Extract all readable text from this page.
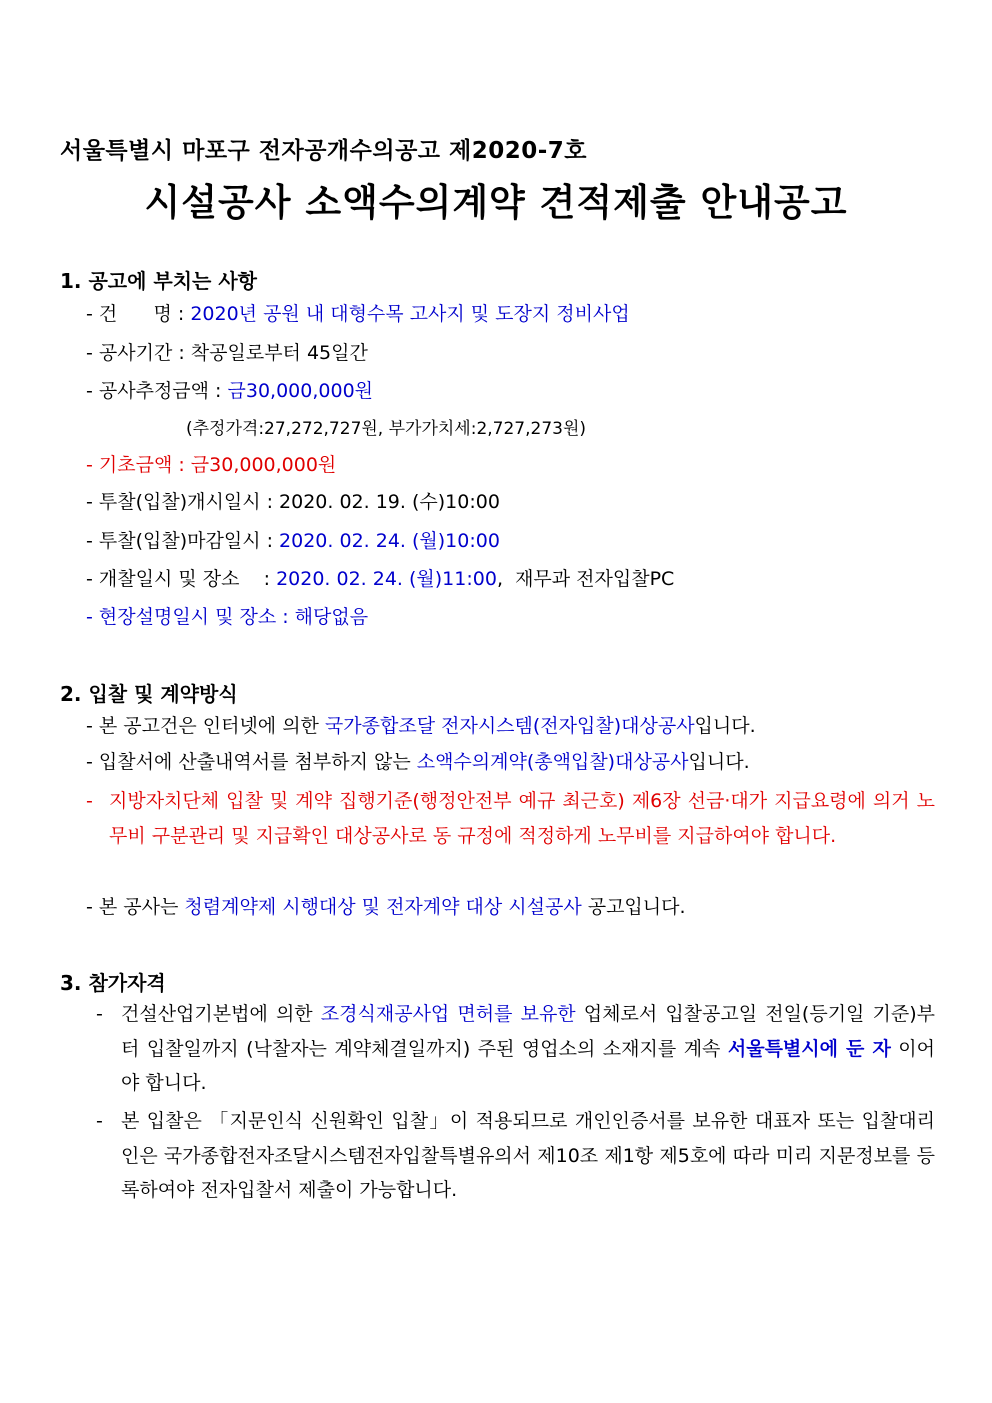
서울특별시 마포구 전자공개수의공고 제2020-7호
시설공사 소액수의계약 견적제출 안내공고
1. 공고에 부치는 사항
- 건      명 : 2020년 공원 내 대형수목 고사지 및 도장지 정비사업
- 공사기간 : 착공일로부터 45일간
- 공사추정금액 : 금30,000,000원
(추정가격:27,272,727원, 부가가치세:2,727,273원)
- 기초금액 : 금30,000,000원
- 투찰(입찰)개시일시 : 2020. 02. 19. (수)10:00
- 투찰(입찰)마감일시 : 2020. 02. 24. (월)10:00
- 개찰일시 및 장소    : 2020. 02. 24. (월)11:00,  재무과 전자입찰PC
- 현장설명일시 및 장소 : 해당없음
2. 입찰 및 계약방식
- 본 공고건은 인터넷에 의한 국가종합조달 전자시스템(전자입찰)대상공사입니다.
- 입찰서에 산출내역서를 첨부하지 않는 소액수의계약(총액입찰)대상공사입니다.
- 지방자치단체 입찰 및 계약 집행기준(행정안전부 예규 최근호) 제6장 선금·대가 지급요령에 의거 노무비 구분관리 및 지급확인 대상공사로 동 규정에 적정하게 노무비를 지급하여야 합니다.
- 본 공사는 청렴계약제 시행대상 및 전자계약 대상 시설공사 공고입니다.
3. 참가자격
- 건설산업기본법에 의한 조경식재공사업 면허를 보유한 업체로서 입찰공고일 전일(등기일 기준)부터 입찰일까지 (낙찰자는 계약체결일까지) 주된 영업소의 소재지를 계속 서울특별시에 둔 자 이어야 합니다.
- 본 입찰은 「지문인식 신원확인 입찰」이 적용되므로 개인인증서를 보유한 대표자 또는 입찰대리인은 국가종합전자조달시스템전자입찰특별유의서 제10조 제1항 제5호에 따라 미리 지문정보를 등록하여야 전자입찰서 제출이 가능합니다.
